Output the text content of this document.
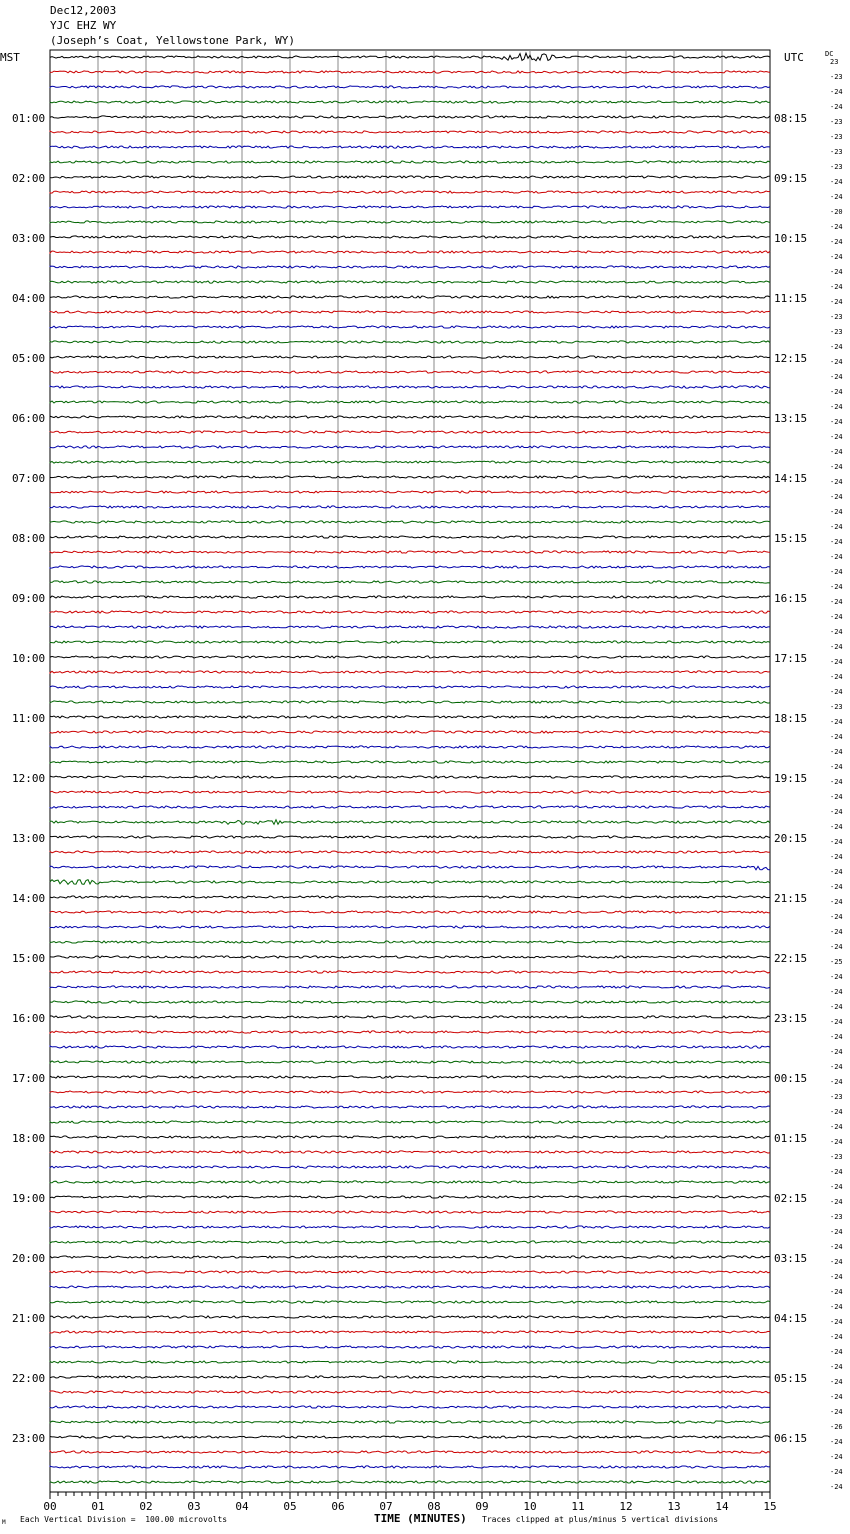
Dec12,2003
YJC EHZ WY
(Joseph’s Coat, Yellowstone Park, WY)
23
-23
-24
-24
-23
-23
-23
-23
-24
-24
-20
-24
-24
-24
-24
-24
-24
-23
-23
-24
-24
-24
-24
-24
-24
-24
-24
-24
-24
-24
-24
-24
-24
-24
-24
-24
-24
-24
-24
-24
-24
-24
-24
-23
-24
-24
-24
-24
-24
-24
-24
-24
-24
-24
-24
-24
-24
-24
-24
-24
-25
-24
-24
-24
-24
-24
-24
-24
-24
-23
-24
-24
-24
-23
-24
-24
-24
-23
-24
-24
-24
-24
-24
-24
-24
-24
-24
-24
-24
-24
-24
-26
-24
-24
-24
-24
01:00
02:00
03:00
04:00
05:00
06:00
07:00
08:00
09:00
10:00
11:00
12:00
13:00
14:00
15:00
16:00
17:00
18:00
19:00
20:00
21:00
22:00
23:00
08:15
09:15
10:15
11:15
12:15
13:15
14:15
15:15
16:15
17:15
18:15
19:15
20:15
21:15
22:15
23:15
00:15
01:15
02:15
03:15
04:15
05:15
06:15
00	01	02	03	04	05	06	07	08	09	10	11	12	13	14	15
MST	UTC	DC
M Each Vertical Division =  100.00 microvolts	TIME (MINUTES) Traces clipped at plus/minus 5 vertical divisions
